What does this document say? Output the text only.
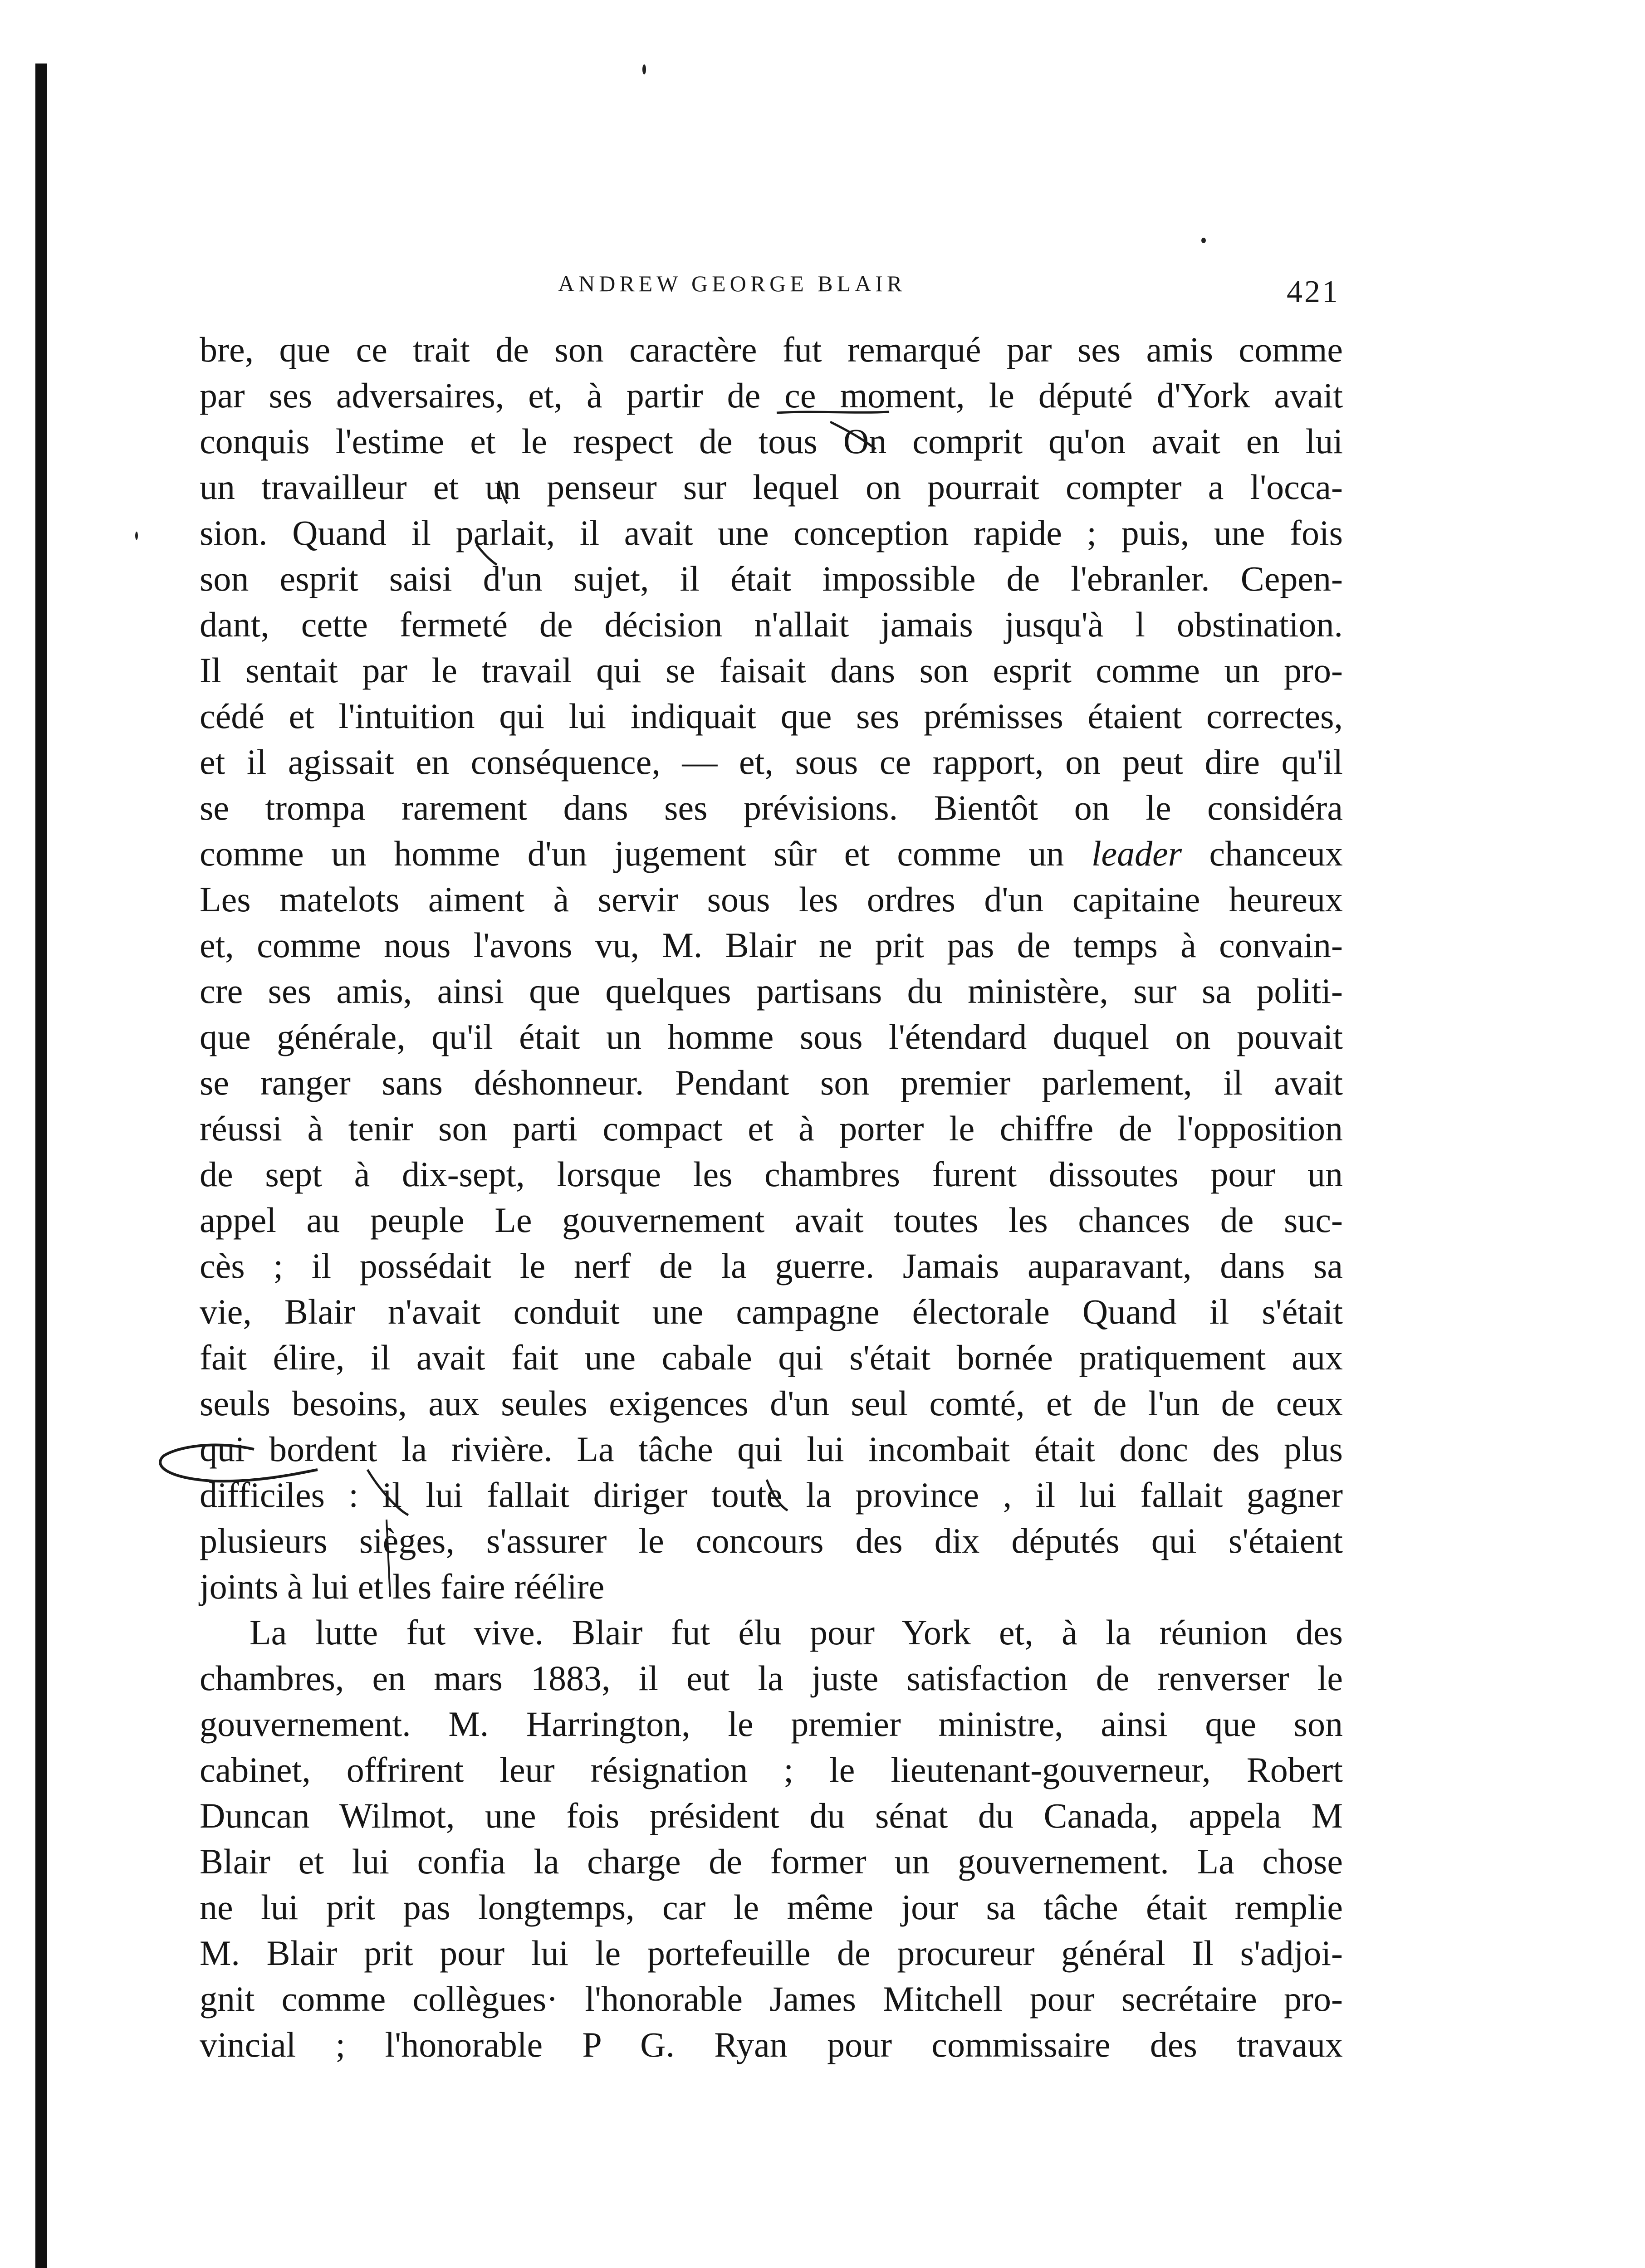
ANDREW GEORGE BLAIR	421
bre, que ce trait de son caractère fut remarqué par ses amis comme
par ses adversaires, et, à partir de ce moment, le député d'York avait
conquis l'estime et le respect de tous On comprit qu'on avait en lui
un travailleur et un penseur sur lequel on pourrait compter a l'occa-
sion. Quand il parlait, il avait une conception rapide ; puis, une fois
son esprit saisi d'un sujet, il était impossible de l'ebranler. Cepen-
dant, cette fermeté de décision n'allait jamais jusqu'à l obstination.
Il sentait par le travail qui se faisait dans son esprit comme un pro-
cédé et l'intuition qui lui indiquait que ses prémisses étaient correctes,
et il agissait en conséquence, — et, sous ce rapport, on peut dire qu'il
se trompa rarement dans ses prévisions. Bientôt on le considéra
comme un homme d'un jugement sûr et comme un leader chanceux
Les matelots aiment à servir sous les ordres d'un capitaine heureux
et, comme nous l'avons vu, M. Blair ne prit pas de temps à convain-
cre ses amis, ainsi que quelques partisans du ministère, sur sa politi-
que générale, qu'il était un homme sous l'étendard duquel on pouvait
se ranger sans déshonneur. Pendant son premier parlement, il avait
réussi à tenir son parti compact et à porter le chiffre de l'opposition
de sept à dix-sept, lorsque les chambres furent dissoutes pour un
appel au peuple Le gouvernement avait toutes les chances de suc-
cès ; il possédait le nerf de la guerre. Jamais auparavant, dans sa
vie, Blair n'avait conduit une campagne électorale Quand il s'était
fait élire, il avait fait une cabale qui s'était bornée pratiquement aux
seuls besoins, aux seules exigences d'un seul comté, et de l'un de ceux
qui bordent la rivière. La tâche qui lui incombait était donc des plus
difficiles : il lui fallait diriger toute la province , il lui fallait gagner
plusieurs sièges, s'assurer le concours des dix députés qui s'étaient
joints à lui et les faire réélire
La lutte fut vive. Blair fut élu pour York et, à la réunion des
chambres, en mars 1883, il eut la juste satisfaction de renverser le
gouvernement. M. Harrington, le premier ministre, ainsi que son
cabinet, offrirent leur résignation ; le lieutenant-gouverneur, Robert
Duncan Wilmot, une fois président du sénat du Canada, appela M
Blair et lui confia la charge de former un gouvernement. La chose
ne lui prit pas longtemps, car le même jour sa tâche était remplie
M. Blair prit pour lui le portefeuille de procureur général Il s'adjoi-
gnit comme collègues· l'honorable James Mitchell pour secrétaire pro-
vincial ; l'honorable P G. Ryan pour commissaire des travaux
